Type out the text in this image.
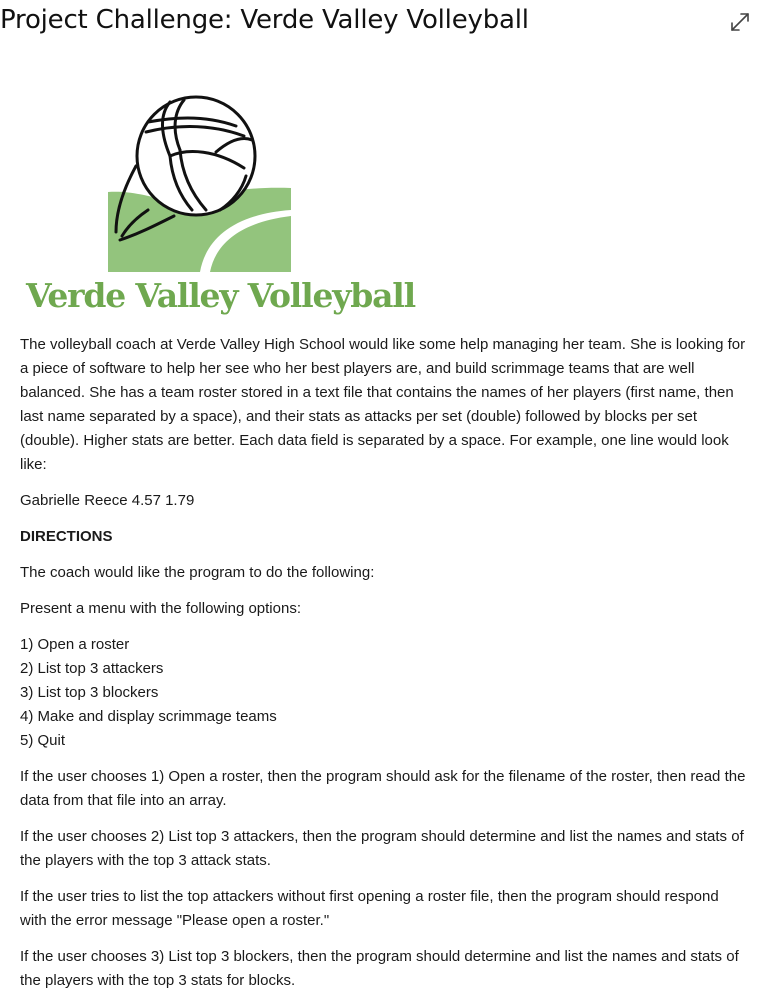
Project Challenge: Verde Valley Volleyball
Verde Valley Volleyball

The volleyball coach at Verde Valley High School would like some help managing her team. She is looking for a piece of software to help her see who her best players are, and build scrimmage teams that are well balanced. She has a team roster stored in a text file that contains the names of her players (first name, then last name separated by a space), and their stats as attacks per set (double) followed by blocks per set (double). Higher stats are better. Each data field is separated by a space. For example, one line would look like:

Gabrielle Reece 4.57 1.79

DIRECTIONS

The coach would like the program to do the following:

Present a menu with the following options:

1) Open a roster
2) List top 3 attackers
3) List top 3 blockers
4) Make and display scrimmage teams
5) Quit

If the user chooses 1) Open a roster, then the program should ask for the filename of the roster, then read the data from that file into an array.

If the user chooses 2) List top 3 attackers, then the program should determine and list the names and stats of the players with the top 3 attack stats.

If the user tries to list the top attackers without first opening a roster file, then the program should respond with the error message "Please open a roster."

If the user chooses 3) List top 3 blockers, then the program should determine and list the names and stats of the players with the top 3 stats for blocks.
